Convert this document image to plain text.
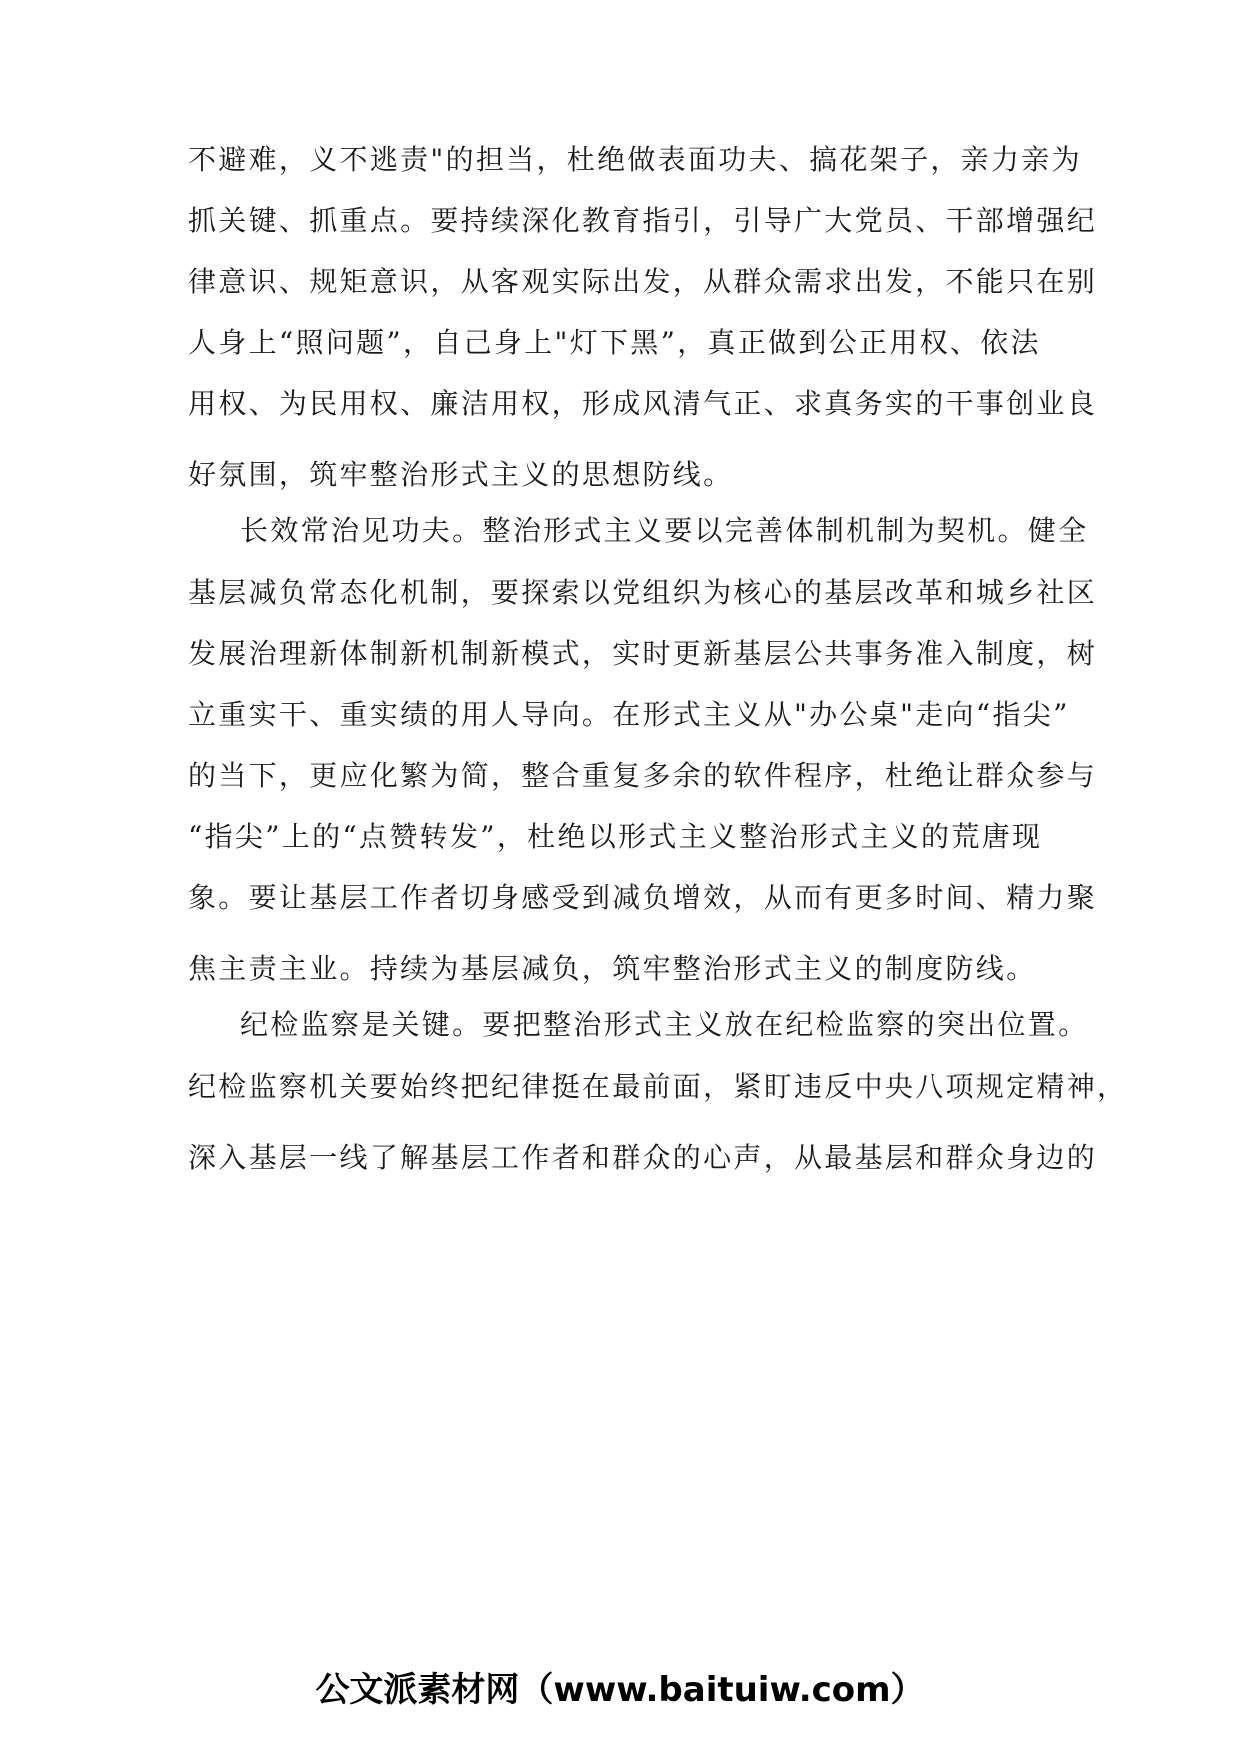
不避难，义不逃责"的担当，杜绝做表面功夫、搞花架子，亲力亲为
抓关键、抓重点。要持续深化教育指引，引导广大党员、干部增强纪
律意识、规矩意识，从客观实际出发，从群众需求出发，不能只在别
人身上“照问题”，自己身上"灯下黑”，真正做到公正用权、依法
用权、为民用权、廉洁用权，形成风清气正、求真务实的干事创业良
好氛围，筑牢整治形式主义的思想防线。
长效常治见功夫。整治形式主义要以完善体制机制为契机。健全
基层减负常态化机制，要探索以党组织为核心的基层改革和城乡社区
发展治理新体制新机制新模式，实时更新基层公共事务准入制度，树
立重实干、重实绩的用人导向。在形式主义从"办公桌"走向“指尖”
的当下，更应化繁为简，整合重复多余的软件程序，杜绝让群众参与
“指尖”上的“点赞转发”，杜绝以形式主义整治形式主义的荒唐现
象。要让基层工作者切身感受到减负增效，从而有更多时间、精力聚
焦主责主业。持续为基层减负，筑牢整治形式主义的制度防线。
纪检监察是关键。要把整治形式主义放在纪检监察的突出位置。
纪检监察机关要始终把纪律挺在最前面，紧盯违反中央八项规定精神，
深入基层一线了解基层工作者和群众的心声，从最基层和群众身边的
公文派素材网（www.baituiw.com）
